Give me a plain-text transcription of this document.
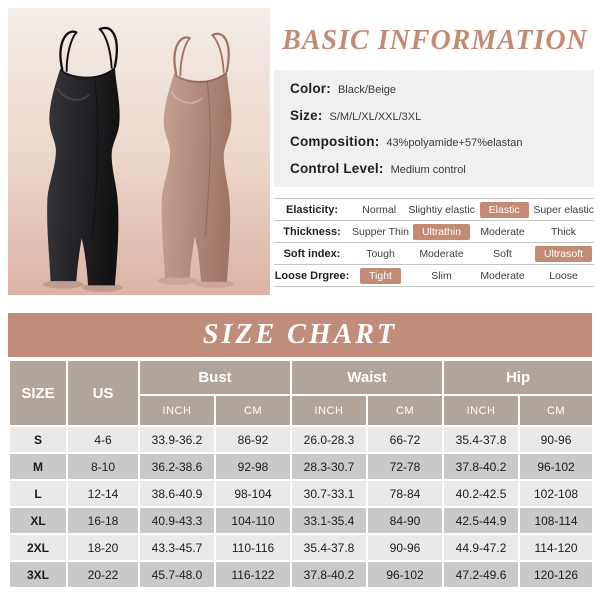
BASIC INFORMATION
Color: Black/Beige
Size: S/M/L/XL/XXL/3XL
Composition: 43%polyamide+57%elastan
Control Level: Medium control
Elasticity:	Normal	Slightiy elastic	Elastic	Super elastic
Thickness:	Supper Thin	Ultrathin	Moderate	Thick
Soft index:	Tough	Moderate	Soft	Ultrasoft
Loose Drgree:	Tight	Slim	Moderate	Loose
SIZE CHART
SIZE	US	Bust		Waist		Hip	
		INCH	CM	INCH	CM	INCH	CM
S	4-6	33.9-36.2	86-92	26.0-28.3	66-72	35.4-37.8	90-96
M	8-10	36.2-38.6	92-98	28.3-30.7	72-78	37.8-40.2	96-102
L	12-14	38.6-40.9	98-104	30.7-33.1	78-84	40.2-42.5	102-108
XL	16-18	40.9-43.3	104-110	33.1-35.4	84-90	42.5-44.9	108-114
2XL	18-20	43.3-45.7	110-116	35.4-37.8	90-96	44.9-47.2	114-120
3XL	20-22	45.7-48.0	116-122	37.8-40.2	96-102	47.2-49.6	120-126
